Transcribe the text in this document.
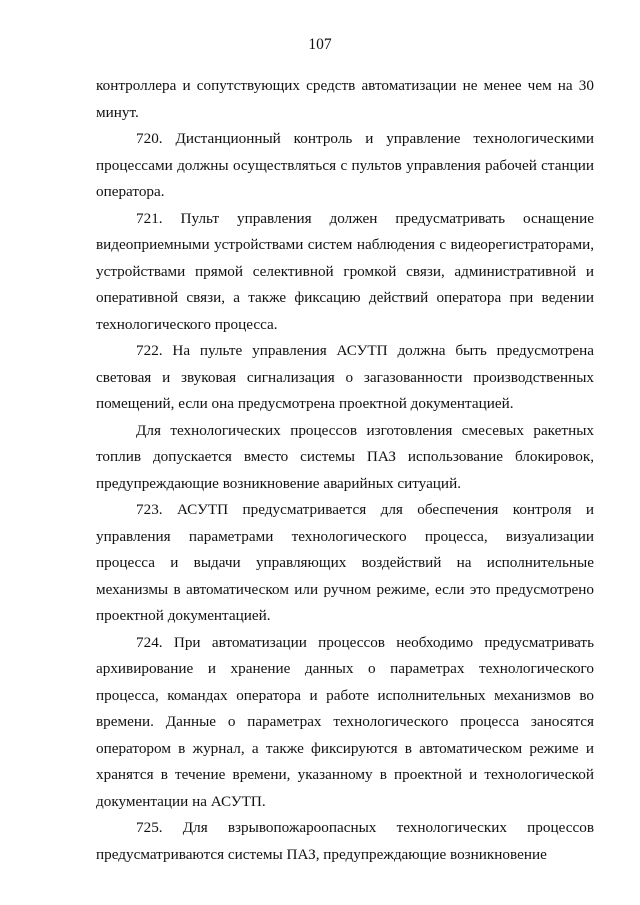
107

контроллера и сопутствующих средств автоматизации не менее чем на 30 минут.

720. Дистанционный контроль и управление технологическими процессами должны осуществляться с пультов управления рабочей станции оператора.

721. Пульт управления должен предусматривать оснащение видеоприемными устройствами систем наблюдения с видеорегистраторами, устройствами прямой селективной громкой связи, административной и оперативной связи, а также фиксацию действий оператора при ведении технологического процесса.

722. На пульте управления АСУТП должна быть предусмотрена световая и звуковая сигнализация о загазованности производственных помещений, если она предусмотрена проектной документацией.

Для технологических процессов изготовления смесевых ракетных топлив допускается вместо системы ПАЗ использование блокировок, предупреждающие возникновение аварийных ситуаций.

723. АСУТП предусматривается для обеспечения контроля и управления параметрами технологического процесса, визуализации процесса и выдачи управляющих воздействий на исполнительные механизмы в автоматическом или ручном режиме, если это предусмотрено проектной документацией.

724. При автоматизации процессов необходимо предусматривать архивирование и хранение данных о параметрах технологического процесса, командах оператора и работе исполнительных механизмов во времени. Данные о параметрах технологического процесса заносятся оператором в журнал, а также фиксируются в автоматическом режиме и хранятся в течение времени, указанному в проектной и технологической документации на АСУТП.

725. Для взрывопожароопасных технологических процессов предусматриваются системы ПАЗ, предупреждающие возникновение
